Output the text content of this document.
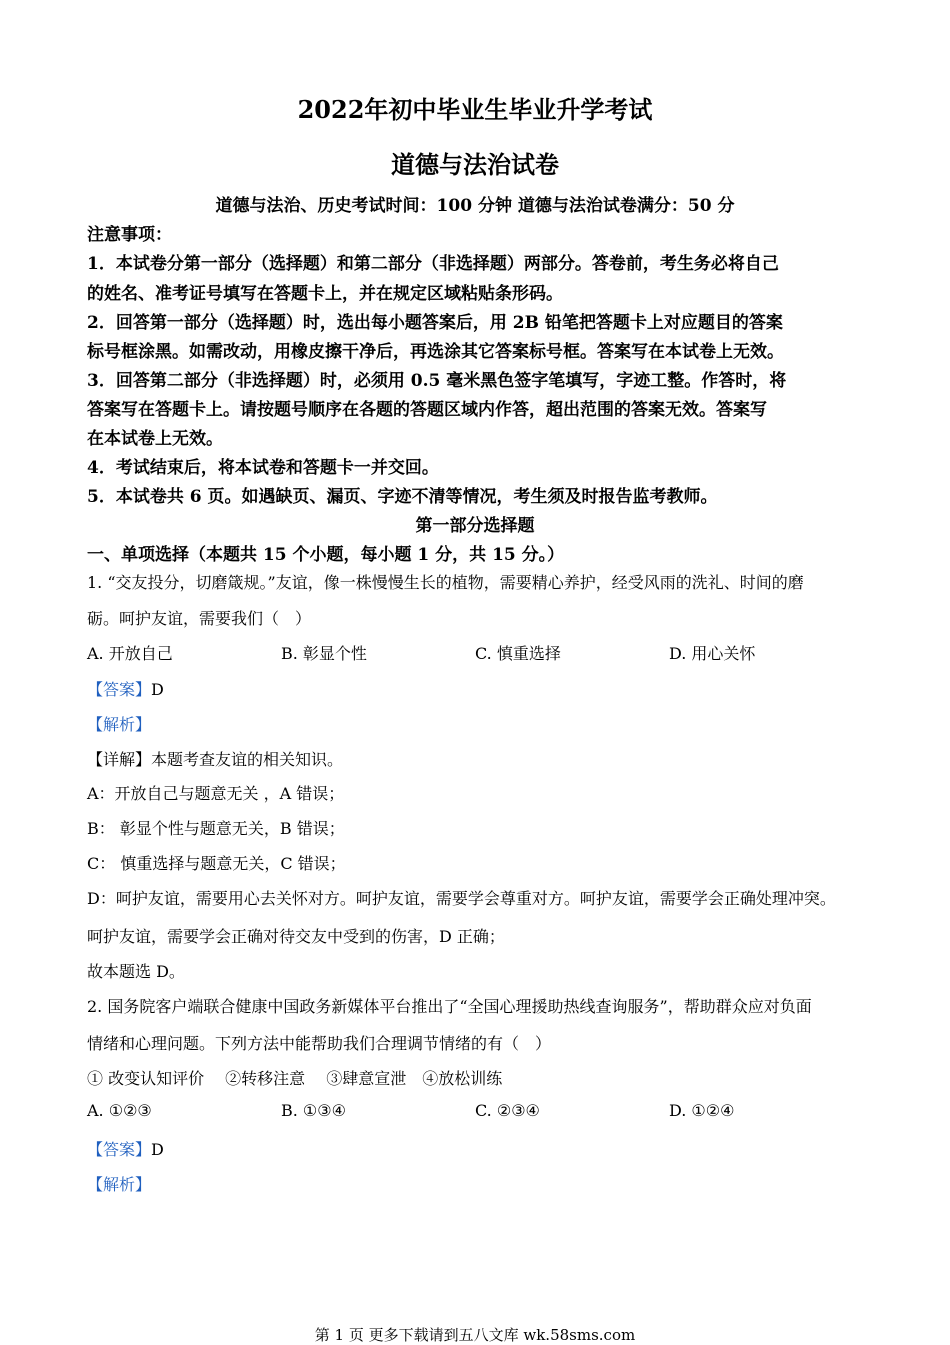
2022年初中毕业生毕业升学考试
道德与法治试卷
道德与法治、历史考试时间：100 分钟 道德与法治试卷满分：50 分
注意事项：
1．本试卷分第一部分（选择题）和第二部分（非选择题）两部分。答卷前，考生务必将自己
的姓名、准考证号填写在答题卡上，并在规定区域粘贴条形码。
2．回答第一部分（选择题）时，选出每小题答案后，用 2B 铅笔把答题卡上对应题目的答案
标号框涂黑。如需改动，用橡皮擦干净后，再选涂其它答案标号框。答案写在本试卷上无效。
3．回答第二部分（非选择题）时，必须用 0.5 毫米黑色签字笔填写，字迹工整。作答时，将
答案写在答题卡上。请按题号顺序在各题的答题区域内作答，超出范围的答案无效。答案写
在本试卷上无效。
4．考试结束后，将本试卷和答题卡一并交回。
5．本试卷共 6 页。如遇缺页、漏页、字迹不清等情况，考生须及时报告监考教师。
第一部分选择题
一、单项选择（本题共 15 个小题，每小题 1 分，共 15 分。）
1. “交友投分，切磨箴规。”友谊，像一株慢慢生长的植物，需要精心养护，经受风雨的洗礼、时间的磨
砺。呵护友谊，需要我们（　）
A. 开放自己	B. 彰显个性	C. 慎重选择	D. 用心关怀
【答案】D
【解析】
【详解】本题考查友谊的相关知识。
A：开放自己与题意无关 ，A 错误；
B： 彰显个性与题意无关，B 错误；
C： 慎重选择与题意无关，C 错误；
D：呵护友谊，需要用心去关怀对方。呵护友谊，需要学会尊重对方。呵护友谊，需要学会正确处理冲突。
呵护友谊，需要学会正确对待交友中受到的伤害，D 正确；
故本题选 D。
2. 国务院客户端联合健康中国政务新媒体平台推出了“全国心理援助热线查询服务”，帮助群众应对负面
情绪和心理问题。下列方法中能帮助我们合理调节情绪的有（　）
① 改变认知评价　 ②转移注意　 ③肆意宣泄　④放松训练
A. ①②③	B. ①③④	C. ②③④	D. ①②④
【答案】D
【解析】
第 1 页 更多下载请到五八文库 wk.58sms.com
